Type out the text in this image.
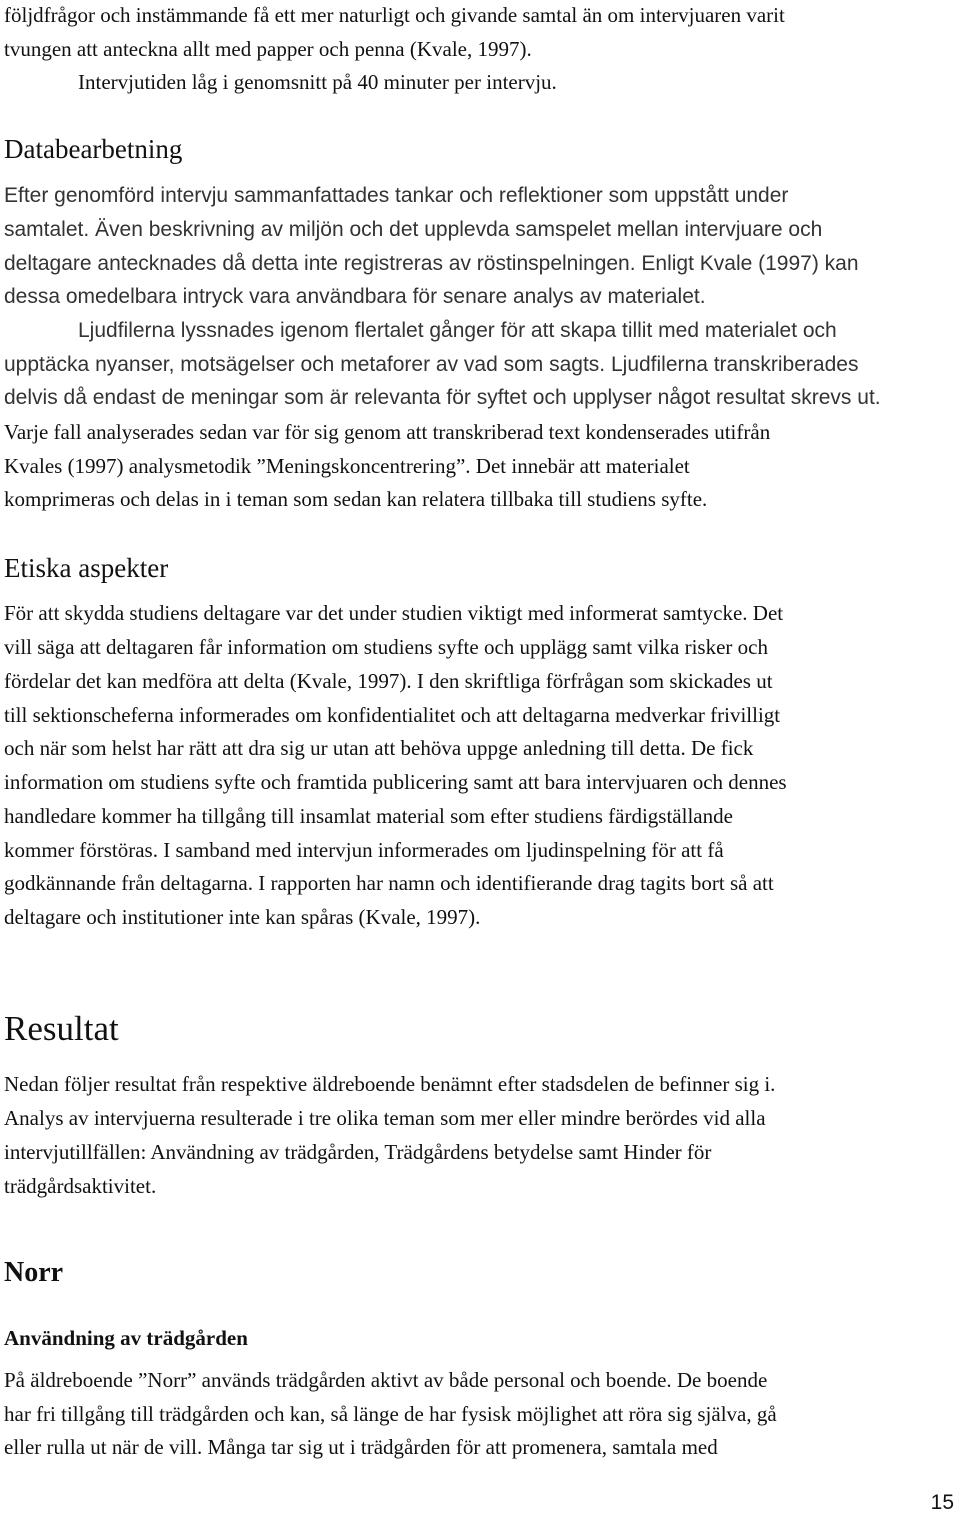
följdfrågor och instämmande få ett mer naturligt och givande samtal än om intervjuaren varit
tvungen att anteckna allt med papper och penna (Kvale, 1997).
Intervjutiden låg i genomsnitt på 40 minuter per intervju.
Databearbetning
Efter genomförd intervju sammanfattades tankar och reflektioner som uppstått under
samtalet. Även beskrivning av miljön och det upplevda samspelet mellan intervjuare och
deltagare antecknades då detta inte registreras av röstinspelningen. Enligt Kvale (1997) kan
dessa omedelbara intryck vara användbara för senare analys av materialet.
Ljudfilerna lyssnades igenom flertalet gånger för att skapa tillit med materialet och
upptäcka nyanser, motsägelser och metaforer av vad som sagts. Ljudfilerna transkriberades
delvis då endast de meningar som är relevanta för syftet och upplyser något resultat skrevs ut.
Varje fall analyserades sedan var för sig genom att transkriberad text kondenserades utifrån
Kvales (1997) analysmetodik ”Meningskoncentrering”. Det innebär att materialet
komprimeras och delas in i teman som sedan kan relatera tillbaka till studiens syfte.
Etiska aspekter
För att skydda studiens deltagare var det under studien viktigt med informerat samtycke. Det
vill säga att deltagaren får information om studiens syfte och upplägg samt vilka risker och
fördelar det kan medföra att delta (Kvale, 1997). I den skriftliga förfrågan som skickades ut
till sektionscheferna informerades om konfidentialitet och att deltagarna medverkar frivilligt
och när som helst har rätt att dra sig ur utan att behöva uppge anledning till detta. De fick
information om studiens syfte och framtida publicering samt att bara intervjuaren och dennes
handledare kommer ha tillgång till insamlat material som efter studiens färdigställande
kommer förstöras. I samband med intervjun informerades om ljudinspelning för att få
godkännande från deltagarna. I rapporten har namn och identifierande drag tagits bort så att
deltagare och institutioner inte kan spåras (Kvale, 1997).
Resultat
Nedan följer resultat från respektive äldreboende benämnt efter stadsdelen de befinner sig i.
Analys av intervjuerna resulterade i tre olika teman som mer eller mindre berördes vid alla
intervjutillfällen: Användning av trädgården, Trädgårdens betydelse samt Hinder för
trädgårdsaktivitet.
Norr
Användning av trädgården
På äldreboende ”Norr” används trädgården aktivt av både personal och boende. De boende
har fri tillgång till trädgården och kan, så länge de har fysisk möjlighet att röra sig själva, gå
eller rulla ut när de vill. Många tar sig ut i trädgården för att promenera, samtala med
15
